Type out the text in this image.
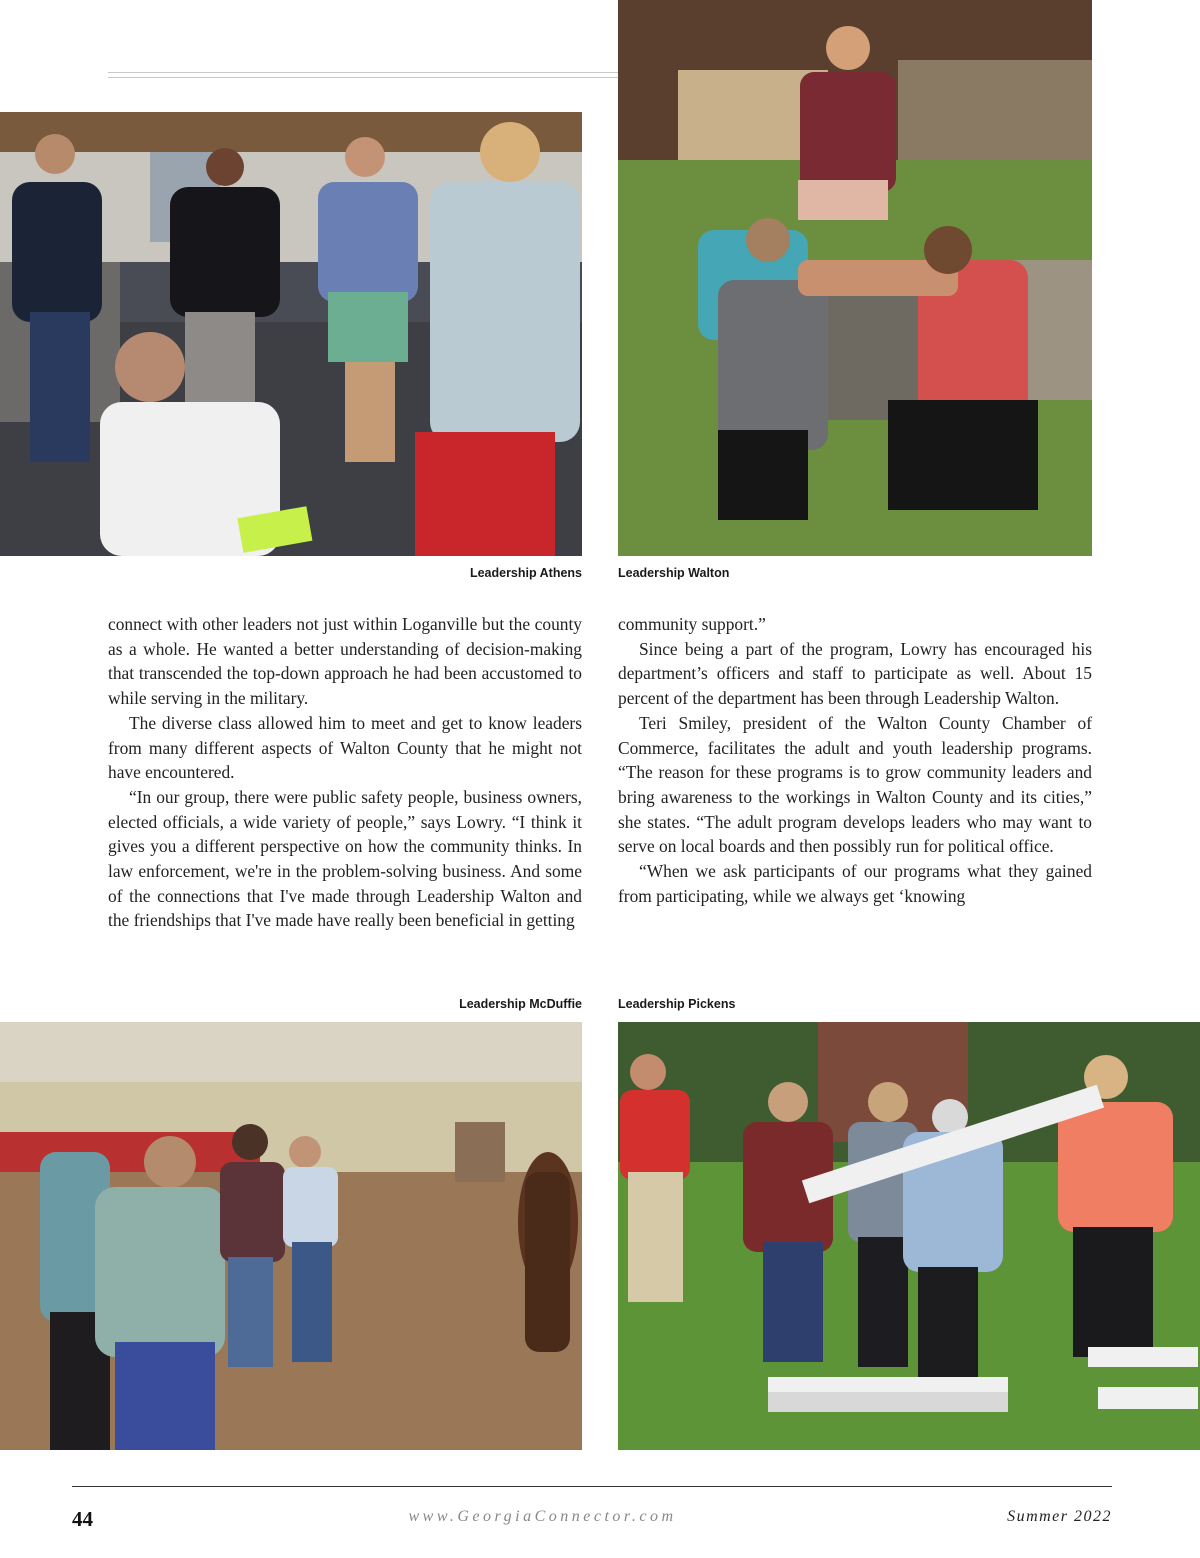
Leadership Athens	Leadership Walton

connect with other leaders not just within Loganville but the county as a whole. He wanted a better understanding of decision-making that transcended the top-down approach he had been accustomed to while serving in the military.

The diverse class allowed him to meet and get to know leaders from many different aspects of Walton County that he might not have encountered.

“In our group, there were public safety people, business owners, elected officials, a wide variety of people,” says Lowry. “I think it gives you a different perspective on how the community thinks. In law enforcement, we're in the problem-solving business. And some of the connections that I've made through Leadership Walton and the friendships that I've made have really been beneficial in getting

community support.”

Since being a part of the program, Lowry has encouraged his department’s officers and staff to participate as well. About 15 percent of the department has been through Leadership Walton.

Teri Smiley, president of the Walton County Chamber of Commerce, facilitates the adult and youth leadership programs. “The reason for these programs is to grow community leaders and bring awareness to the workings in Walton County and its cities,” she states. “The adult program develops leaders who may want to serve on local boards and then possibly run for political office.

“When we ask participants of our programs what they gained from participating, while we always get ‘knowing

Leadership McDuffie	Leadership Pickens
44	www.GeorgiaConnector.com	Summer 2022
